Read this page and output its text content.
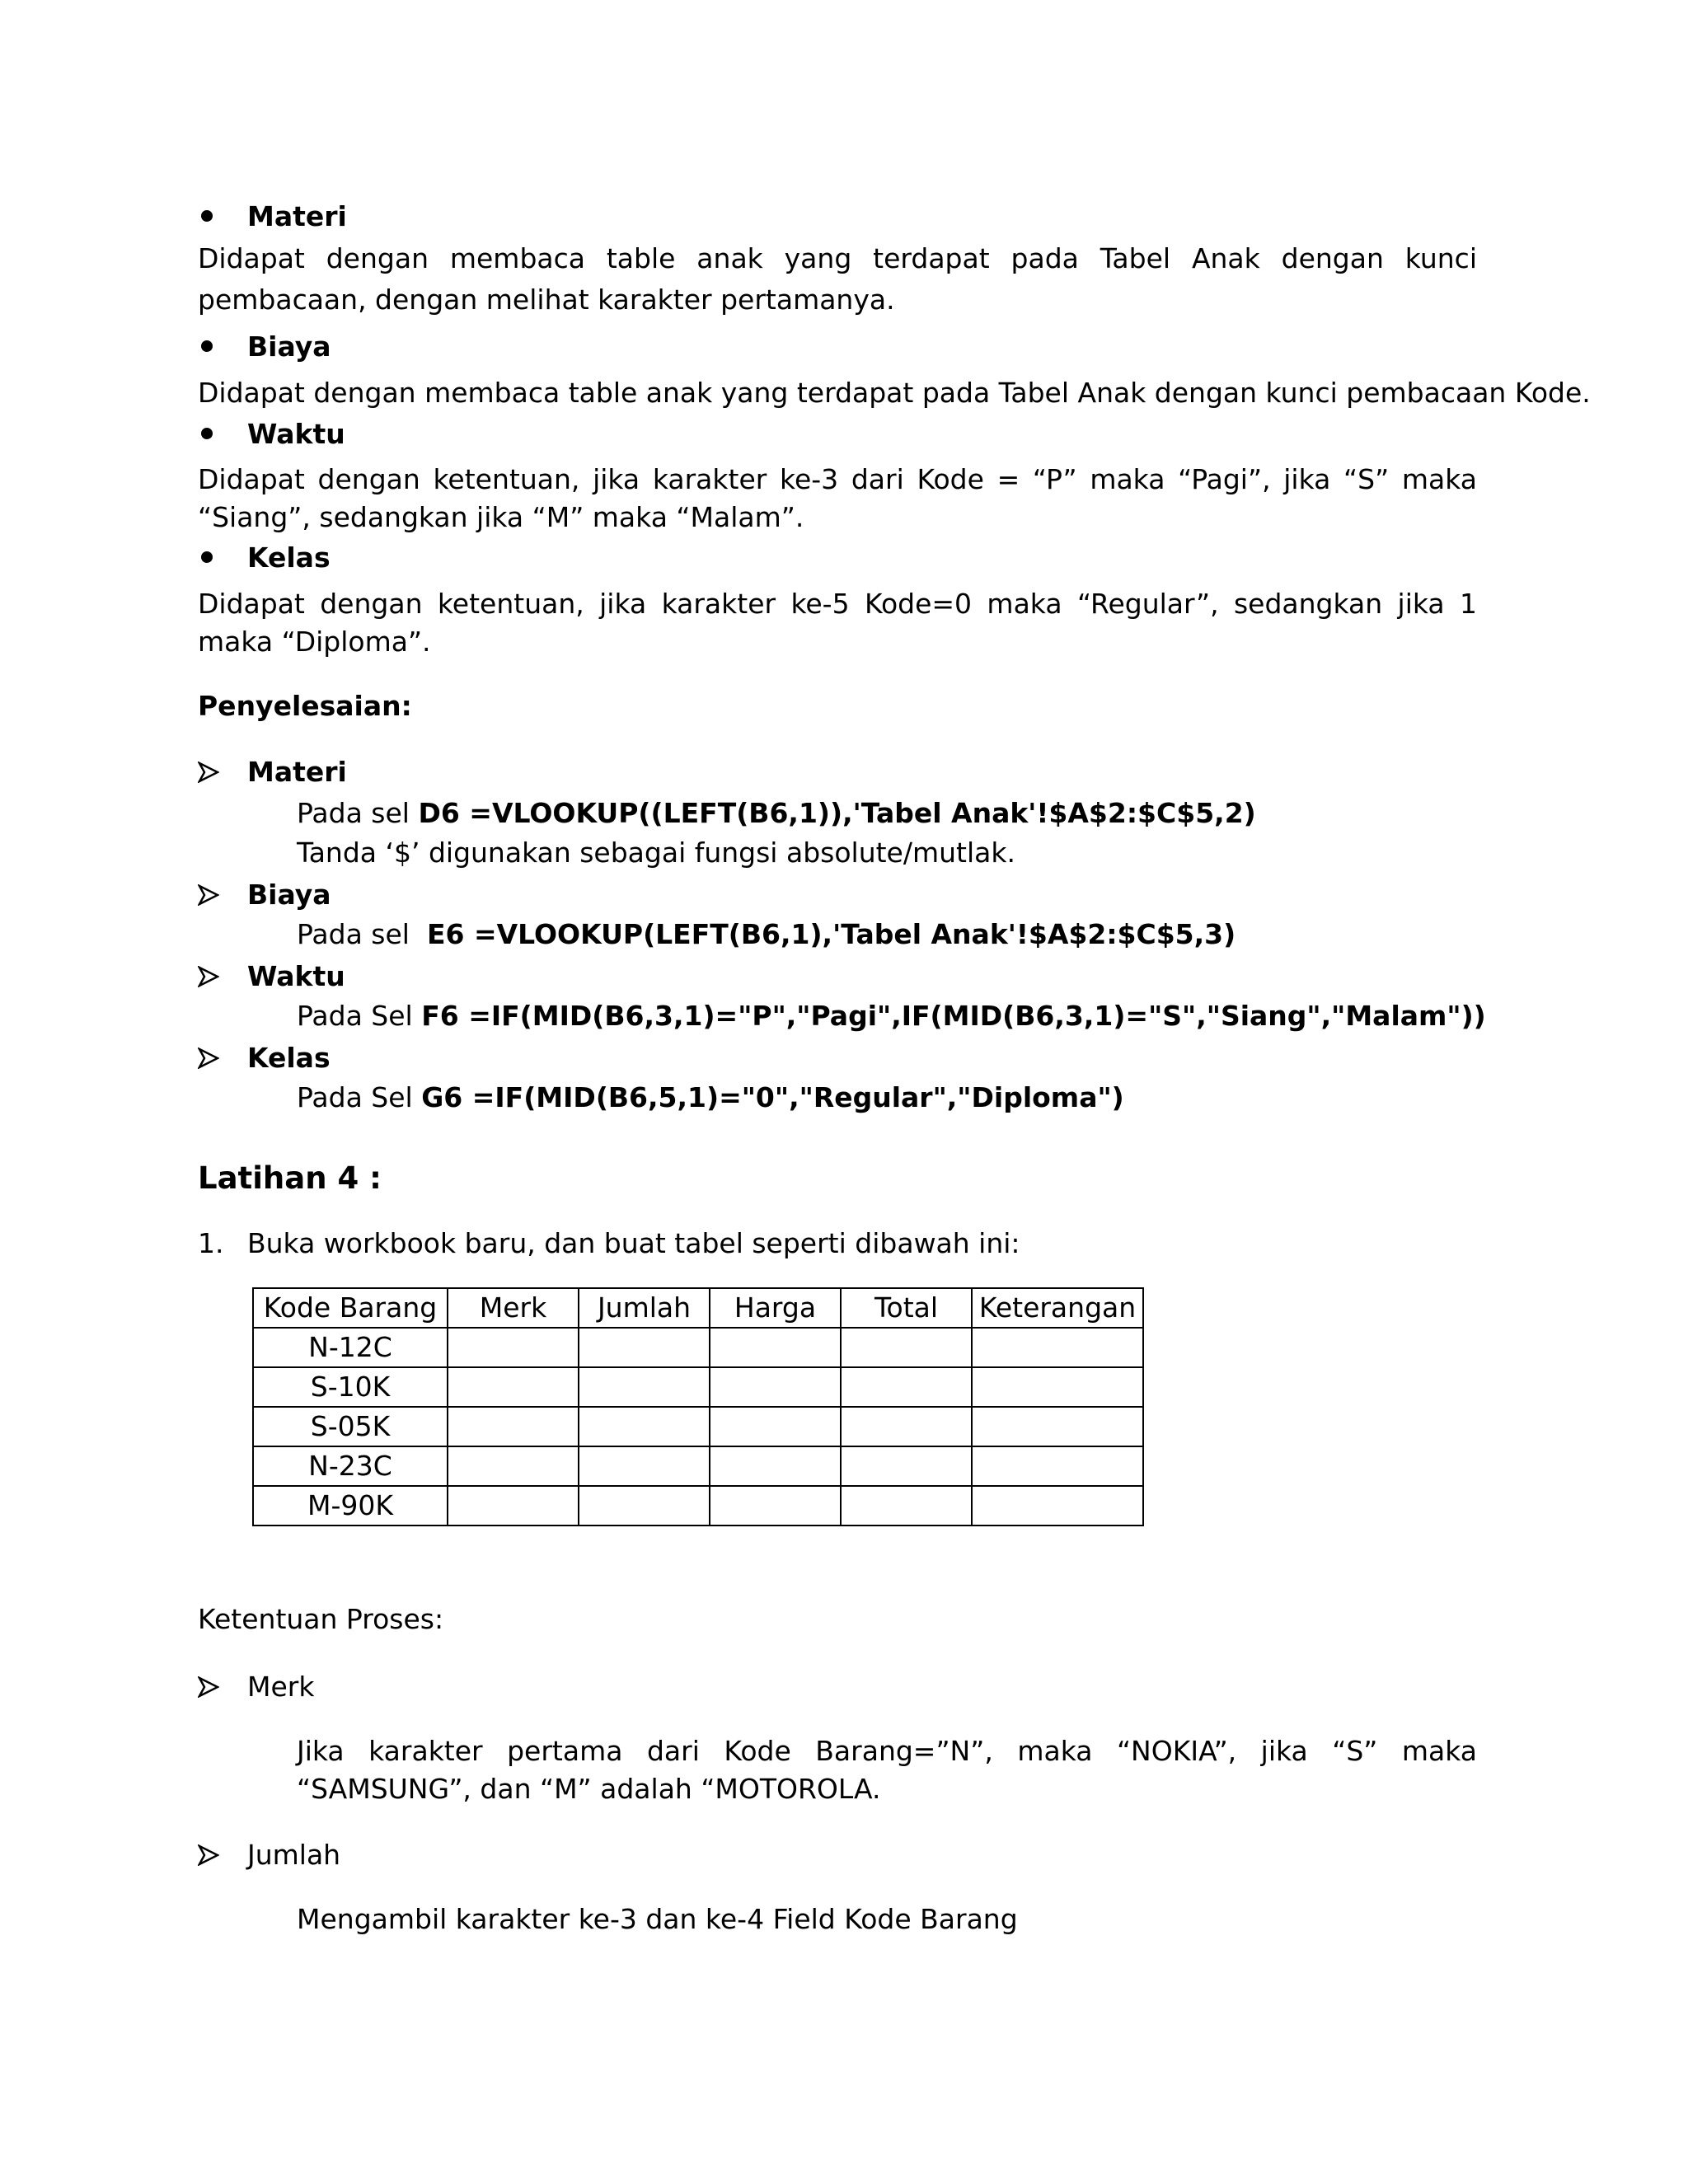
Materi
Didapat dengan membaca table anak yang terdapat pada Tabel Anak dengan kunci pembacaan, dengan melihat karakter pertamanya.
Biaya
Didapat dengan membaca table anak yang terdapat pada Tabel Anak dengan kunci pembacaan Kode.
Waktu
Didapat dengan ketentuan, jika karakter ke-3 dari Kode = “P” maka “Pagi”, jika “S” maka “Siang”, sedangkan jika “M” maka “Malam”.
Kelas
Didapat dengan ketentuan, jika karakter ke-5 Kode=0 maka “Regular”, sedangkan jika 1 maka “Diploma”.
Penyelesaian:
Materi
Pada sel D6 =VLOOKUP((LEFT(B6,1)),'Tabel Anak'!$A$2:$C$5,2)
Tanda ‘$’ digunakan sebagai fungsi absolute/mutlak.
Biaya
Pada sel  E6 =VLOOKUP(LEFT(B6,1),'Tabel Anak'!$A$2:$C$5,3)
Waktu
Pada Sel F6 =IF(MID(B6,3,1)="P","Pagi",IF(MID(B6,3,1)="S","Siang","Malam"))
Kelas
Pada Sel G6 =IF(MID(B6,5,1)="0","Regular","Diploma")
Latihan 4 :
1. Buka workbook baru, dan buat tabel seperti dibawah ini:
Kode Barang	Merk	Jumlah	Harga	Total	Keterangan
N-12C					
S-10K					
S-05K					
N-23C					
M-90K					
Ketentuan Proses:
Merk
Jika karakter pertama dari Kode Barang=”N”, maka “NOKIA”, jika “S” maka “SAMSUNG”, dan “M” adalah “MOTOROLA.
Jumlah
Mengambil karakter ke-3 dan ke-4 Field Kode Barang
